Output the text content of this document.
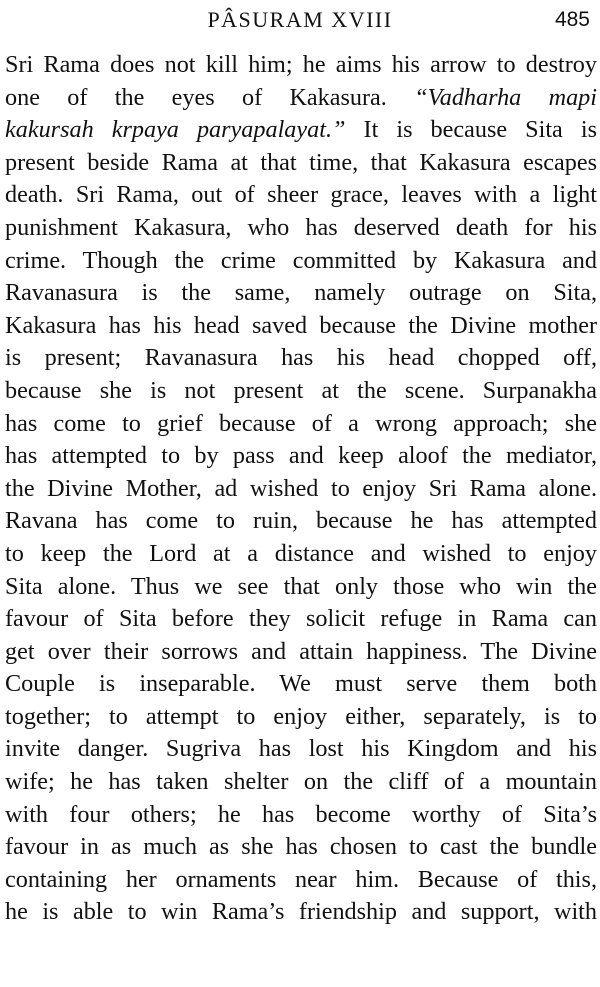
PÂSURAM XVIII	485
Sri Rama does not kill him; he aims his arrow to destroy
one of the eyes of Kakasura. “Vadharha mapi
kakursah krpaya paryapalayat.” It is because Sita is
present beside Rama at that time, that Kakasura escapes
death. Sri Rama, out of sheer grace, leaves with a light
punishment Kakasura, who has deserved death for his
crime. Though the crime committed by Kakasura and
Ravanasura is the same, namely outrage on Sita,
Kakasura has his head saved because the Divine mother
is present; Ravanasura has his head chopped off,
because she is not present at the scene. Surpanakha
has come to grief because of a wrong approach; she
has attempted to by pass and keep aloof the mediator,
the Divine Mother, ad wished to enjoy Sri Rama alone.
Ravana has come to ruin, because he has attempted
to keep the Lord at a distance and wished to enjoy
Sita alone. Thus we see that only those who win the
favour of Sita before they solicit refuge in Rama can
get over their sorrows and attain happiness. The Divine
Couple is inseparable. We must serve them both
together; to attempt to enjoy either, separately, is to
invite danger. Sugriva has lost his Kingdom and his
wife; he has taken shelter on the cliff of a mountain
with four others; he has become worthy of Sita’s
favour in as much as she has chosen to cast the bundle
containing her ornaments near him. Because of this,
he is able to win Rama’s friendship and support, with
